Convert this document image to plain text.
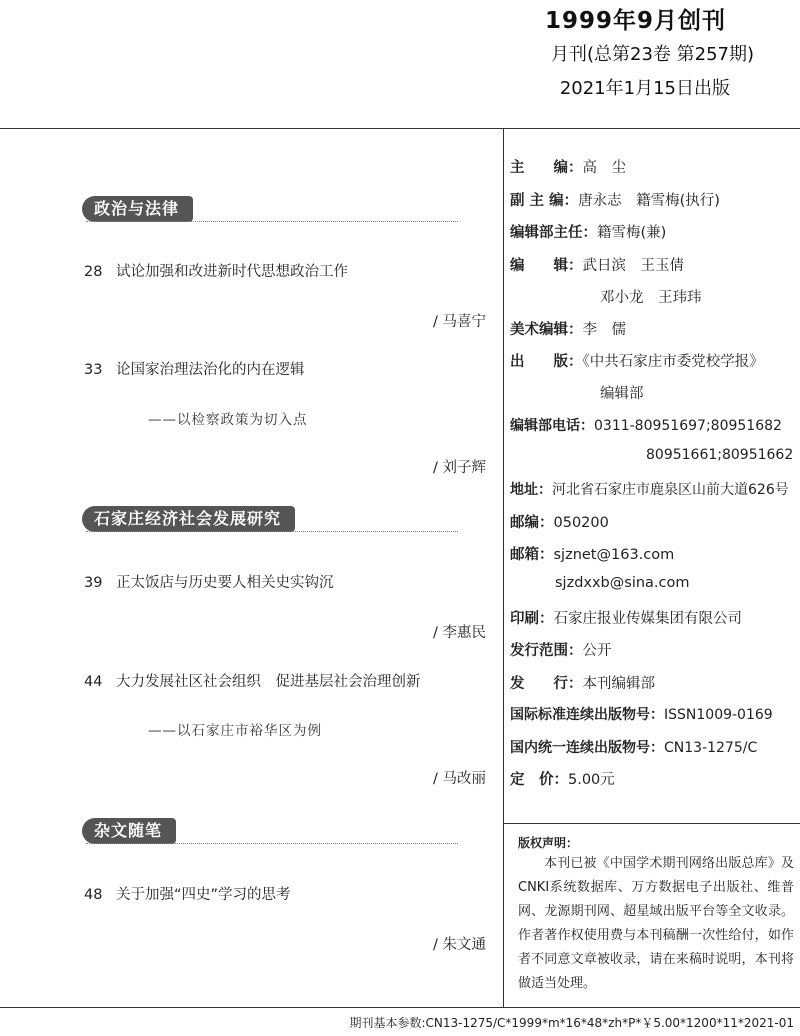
1999年9月创刊
月刊(总第23卷 第257期)
2021年1月15日出版
政治与法律
石家庄经济社会发展研究
杂文随笔
28 试论加强和改进新时代思想政治工作
/ 马喜宁
33 论国家治理法治化的内在逻辑
——以检察政策为切入点
/ 刘子辉
39 正太饭店与历史要人相关史实钩沉
/ 李惠民
44 大力发展社区社会组织　促进基层社会治理创新
——以石家庄市裕华区为例
/ 马改丽
48 关于加强“四史”学习的思考
/ 朱文通
主　　编：高　尘
副 主 编：唐永志　籍雪梅(执行)
编辑部主任：籍雪梅(兼)
编　　辑：武日滨　王玉倩
邓小龙　王玮玮
美术编辑：李　儒
出　　版：《中共石家庄市委党校学报》
编辑部
编辑部电话：0311-80951697;80951682
80951661;80951662
地址：河北省石家庄市鹿泉区山前大道626号
邮编：050200
邮箱：sjznet@163.com
sjzdxxb@sina.com
印刷：石家庄报业传媒集团有限公司
发行范围：公开
发　　行：本刊编辑部
国际标准连续出版物号：ISSN1009-0169
国内统一连续出版物号：CN13-1275/C
定　价：5.00元
版权声明：
本刊已被《中国学术期刊网络出版总库》及CNKI系统数据库、万方数据电子出版社、维普网、龙源期刊网、超星域出版平台等全文收录。作者著作权使用费与本刊稿酬一次性给付，如作者不同意文章被收录，请在来稿时说明，本刊将做适当处理。
期刊基本参数:CN13-1275/C*1999*m*16*48*zh*P*￥5.00*1200*11*2021-01
